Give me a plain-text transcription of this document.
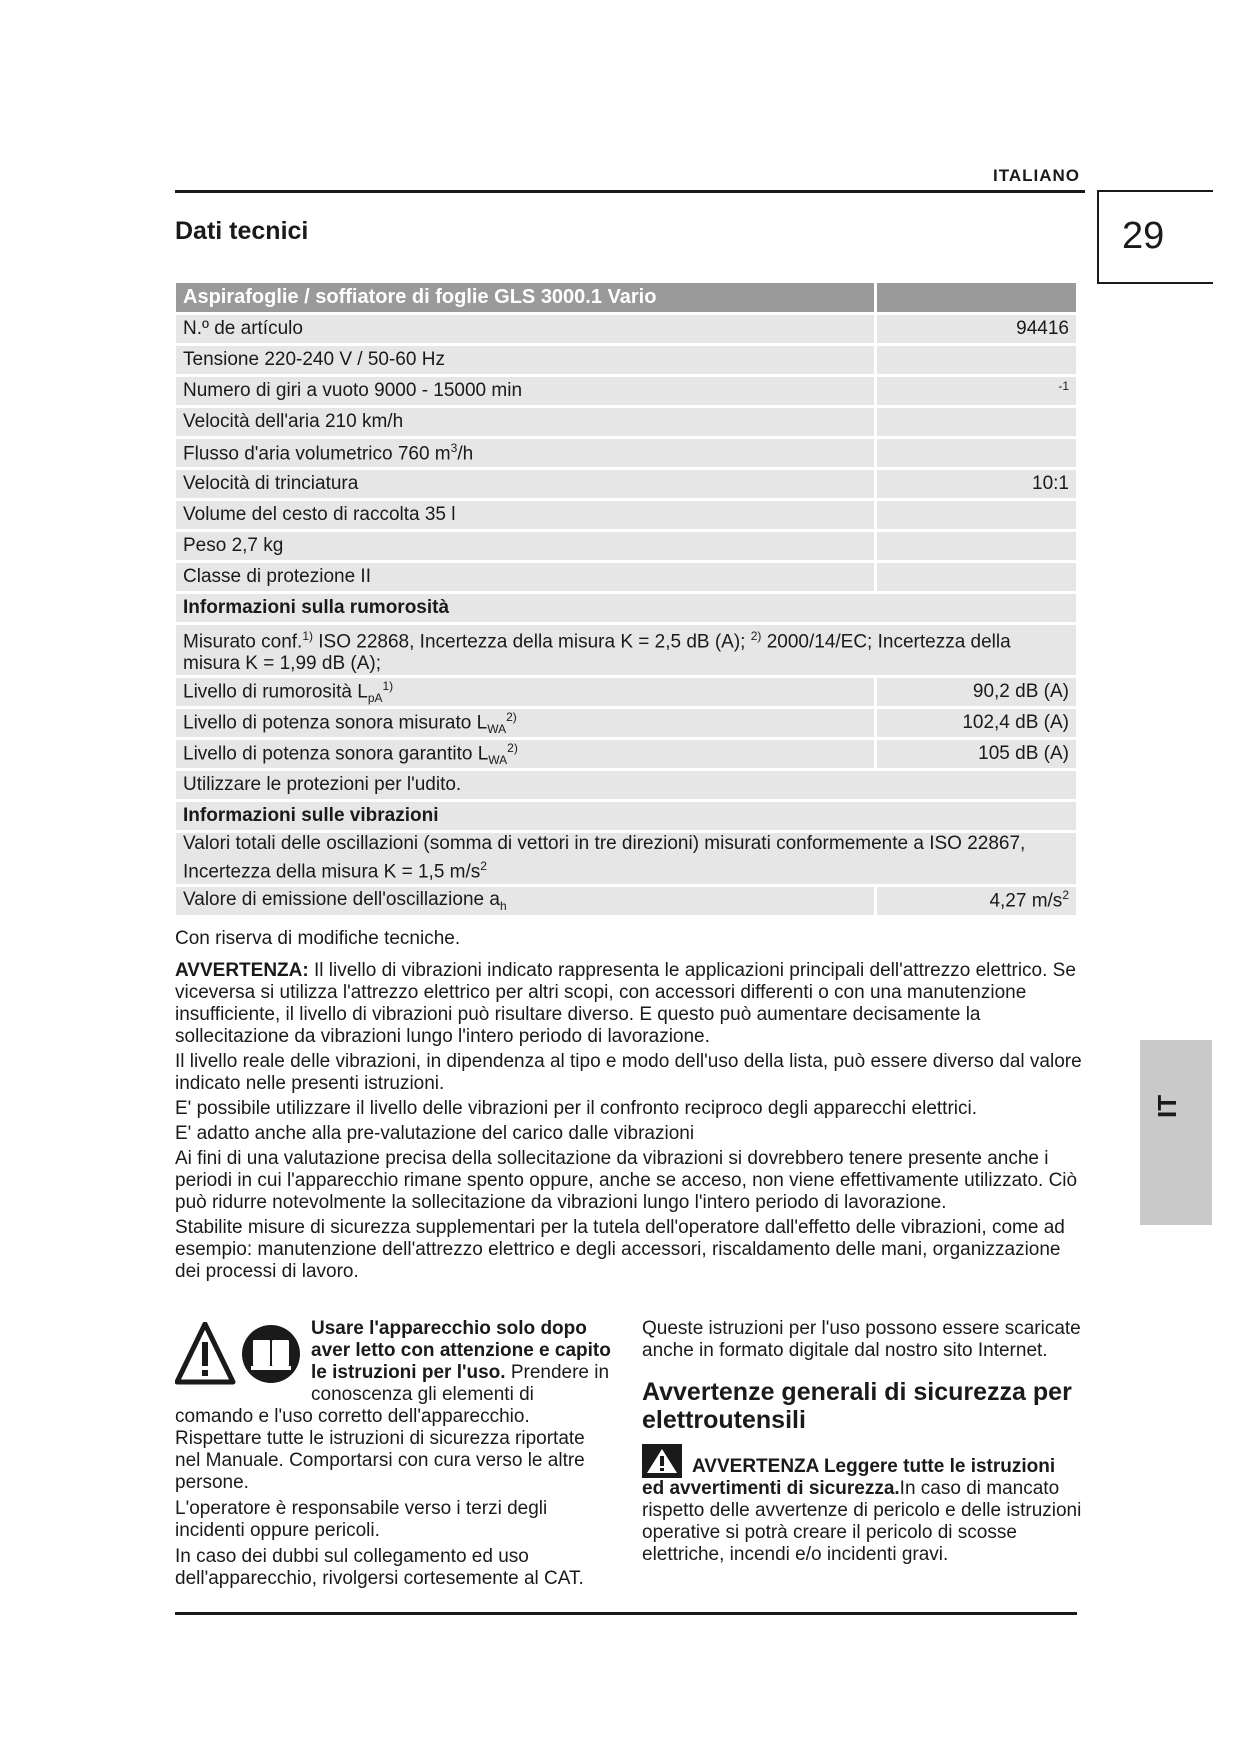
ITALIANO
29
IT
Dati tecnici
Aspirafoglie / soffiatore di foglie GLS 3000.1 Vario	
N.º de artículo	94416
Tensione 220-240 V / 50-60 Hz	
Numero di giri a vuoto 9000 - 15000 min	$^{-1}$
Velocità dell'aria 210 km/h	
Flusso d'aria volumetrico 760 $m^3/h$	
Velocità di trinciatura	10:1
Volume del cesto di raccolta 35 l	
Peso 2,7 kg	
Classe di protezione II	
Informazioni sulla rumorosità	
Misurato conf.$^{1)}$ ISO 22868, Incertezza della misura K = 2,5 dB (A); $^{2)}$ 2000/14/EC; Incertezza della misura K = 1,99 dB (A);	
Livello di rumorosità $L_{pA}^{1)}$	90,2 dB (A)
Livello di potenza sonora misurato $L_{WA}^{2)}$	102,4 dB (A)
Livello di potenza sonora garantito $L_{WA}^{2)}$	105 dB (A)
Utilizzare le protezioni per l'udito.	
Informazioni sulle vibrazioni	
Valori totali delle oscillazioni (somma di vettori in tre direzioni) misurati conformemente a ISO 22867, Incertezza della misura K = 1,5 $m/s^2$
Valore di emissione dell'oscillazione $a_h$	4,27 $m/s^2$
Con riserva di modifiche tecniche.

AVVERTENZA: Il livello di vibrazioni indicato rappresenta le applicazioni principali dell'attrezzo elettrico. Se viceversa si utilizza l'attrezzo elettrico per altri scopi, con accessori differenti o con una manutenzione insufficiente, il livello di vibrazioni può risultare diverso. E questo può aumentare decisamente la sollecitazione da vibrazioni lungo l'intero periodo di lavorazione.

Il livello reale delle vibrazioni, in dipendenza al tipo e modo dell'uso della lista, può essere diverso dal valore indicato nelle presenti istruzioni.

E' possibile utilizzare il livello delle vibrazioni per il confronto reciproco degli apparecchi elettrici.

E' adatto anche alla pre-valutazione del carico dalle vibrazioni

Ai fini di una valutazione precisa della sollecitazione da vibrazioni si dovrebbero tenere presente anche i periodi in cui l'apparecchio rimane spento oppure, anche se acceso, non viene effettivamente utilizzato. Ciò può ridurre notevolmente la sollecitazione da vibrazioni lungo l'intero periodo di lavorazione.

Stabilite misure di sicurezza supplementari per la tutela dell'operatore dall'effetto delle vibrazioni, come ad esempio: manutenzione dell'attrezzo elettrico e degli accessori, riscaldamento delle mani, organizzazione dei processi di lavoro.

Usare l'apparecchio solo dopo aver letto con attenzione e capito le istruzioni per l'uso. Prendere in conoscenza gli elementi di comando e l'uso corretto dell'apparecchio. Rispettare tutte le istruzioni di sicurezza riportate nel Manuale. Comportarsi con cura verso le altre persone.

L'operatore è responsabile verso i terzi degli incidenti oppure pericoli.

In caso dei dubbi sul collegamento ed uso dell'apparecchio, rivolgersi cortesemente al CAT.

Queste istruzioni per l'uso possono essere scaricate anche in formato digitale dal nostro sito Internet.

Avvertenze generali di sicurezza per elettroutensili

AVVERTENZA Leggere tutte le istruzioni ed avvertimenti di sicurezza.In caso di mancato rispetto delle avvertenze di pericolo e delle istruzioni operative si potrà creare il pericolo di scosse elettriche, incendi e/o incidenti gravi.
